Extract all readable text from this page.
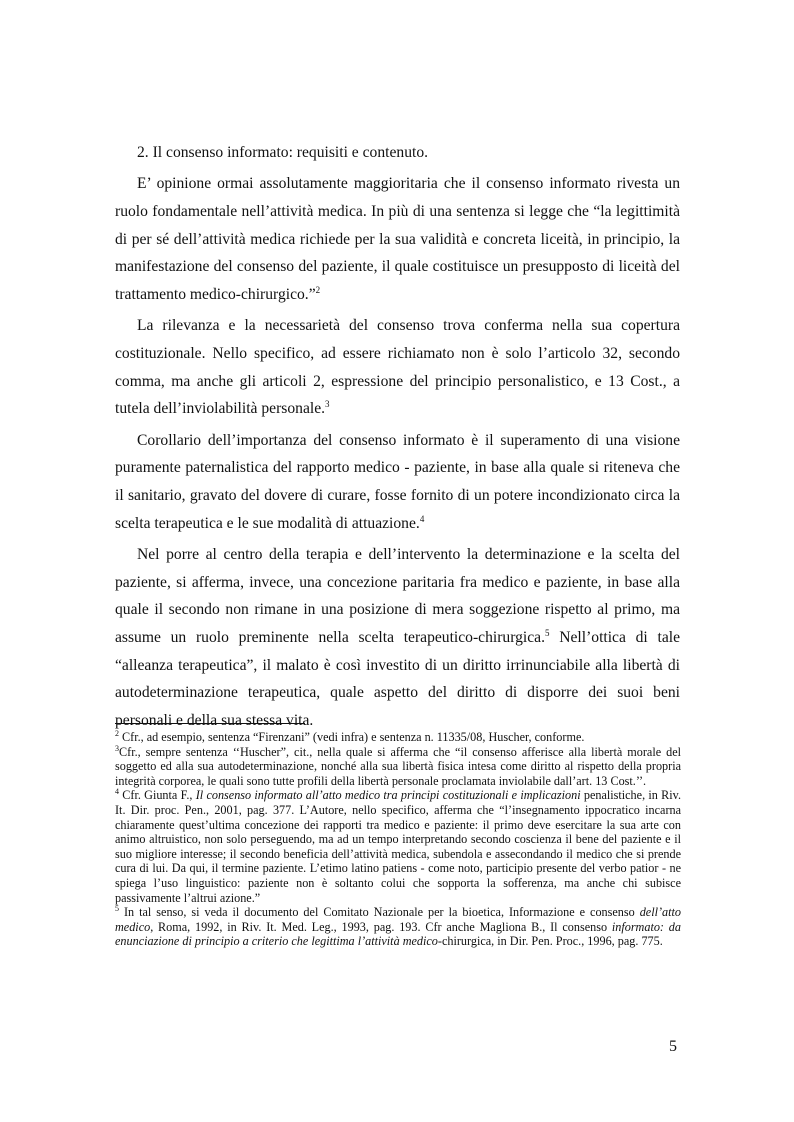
2. Il consenso informato: requisiti e contenuto.

E’ opinione ormai assolutamente maggioritaria che il consenso informato rivesta un ruolo fondamentale nell’attività medica. In più di una sentenza si legge che “la legittimità di per sé dell’attività medica richiede per la sua validità e concreta liceità, in principio, la manifestazione del consenso del paziente, il quale costituisce un presupposto di liceità del trattamento medico-chirurgico.”$^2$

La rilevanza e la necessarietà del consenso trova conferma nella sua copertura costituzionale. Nello specifico, ad essere richiamato non è solo l’articolo 32, secondo comma, ma anche gli articoli 2, espressione del principio personalistico, e 13 Cost., a tutela dell’inviolabilità personale.$^3$

Corollario dell’importanza del consenso informato è il superamento di una visione puramente paternalistica del rapporto medico - paziente, in base alla quale si riteneva che il sanitario, gravato del dovere di curare, fosse fornito di un potere incondizionato circa la scelta terapeutica e le sue modalità di attuazione.$^4$

Nel porre al centro della terapia e dell’intervento la determinazione e la scelta del paziente, si afferma, invece, una concezione paritaria fra medico e paziente, in base alla quale il secondo non rimane in una posizione di mera soggezione rispetto al primo, ma assume un ruolo preminente nella scelta terapeutico-chirurgica.$^5$ Nell’ottica di tale “alleanza terapeutica”, il malato è così investito di un diritto irrinunciabile alla libertà di autodeterminazione terapeutica, quale aspetto del diritto di disporre dei suoi beni personali e della sua stessa vita.

$^2$ Cfr., ad esempio, sentenza “Firenzani” (vedi infra) e sentenza n. 11335/08, Huscher, conforme.

$^3$Cfr., sempre sentenza ‘‘Huscher”, cit., nella quale si afferma che “il consenso afferisce alla libertà morale del soggetto ed alla sua autodeterminazione, nonché alla sua libertà fisica intesa come diritto al rispetto della propria integrità corporea, le quali sono tutte profili della libertà personale proclamata inviolabile dall’art. 13 Cost.’’.

$^4$ Cfr. Giunta F., Il consenso informato all’atto medico tra principi costituzionali e implicazioni penalistiche, in Riv. It. Dir. proc. Pen., 2001, pag. 377. L’Autore, nello specifico, afferma che “l’insegnamento ippocratico incarna chiaramente quest’ultima concezione dei rapporti tra medico e paziente: il primo deve esercitare la sua arte con animo altruistico, non solo perseguendo, ma ad un tempo interpretando secondo coscienza il bene del paziente e il suo migliore interesse; il secondo beneficia dell’attività medica, subendola e assecondando il medico che si prende cura di lui. Da qui, il termine paziente. L’etimo latino patiens - come noto, participio presente del verbo patior - ne spiega l’uso linguistico: paziente non è soltanto colui che sopporta la sofferenza, ma anche chi subisce passivamente l’altrui azione.”

$^5$ In tal senso, si veda il documento del Comitato Nazionale per la bioetica, Informazione e consenso dell’atto medico, Roma, 1992, in Riv. It. Med. Leg., 1993, pag. 193. Cfr anche Magliona B., Il consenso informato: da enunciazione di principio a criterio che legittima l’attività medico-chirurgica, in Dir. Pen. Proc., 1996, pag. 775.

5
